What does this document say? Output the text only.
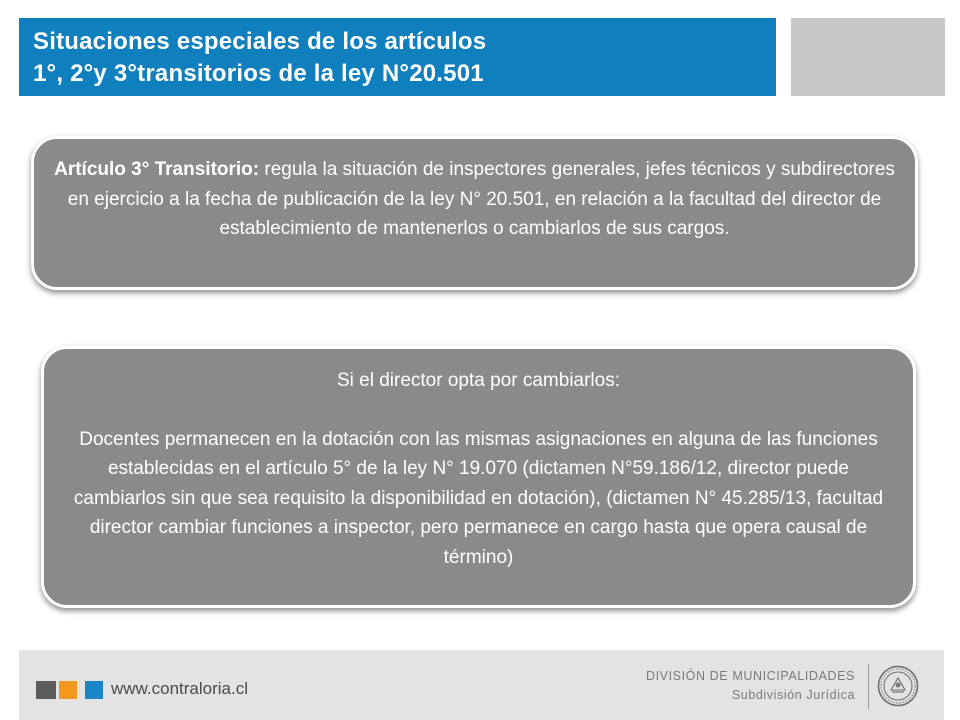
Situaciones especiales de los artículos
1°, 2°y 3°transitorios de la ley N°20.501
Artículo 3° Transitorio: regula la situación de inspectores generales, jefes técnicos y subdirectores en ejercicio a la fecha de publicación de la ley N° 20.501, en relación a la facultad del director de establecimiento de mantenerlos o cambiarlos de sus cargos.
Si el director opta por cambiarlos:
Docentes permanecen en la dotación con las mismas asignaciones en alguna de las funciones establecidas en el artículo 5° de la ley N° 19.070 (dictamen N°59.186/12, director puede cambiarlos sin que sea requisito la disponibilidad en dotación), (dictamen N° 45.285/13, facultad director cambiar funciones a inspector, pero permanece en cargo hasta que opera causal de término)
www.contraloria.cl
DIVISIÓN DE MUNICIPALIDADES
Subdivisión Jurídica
